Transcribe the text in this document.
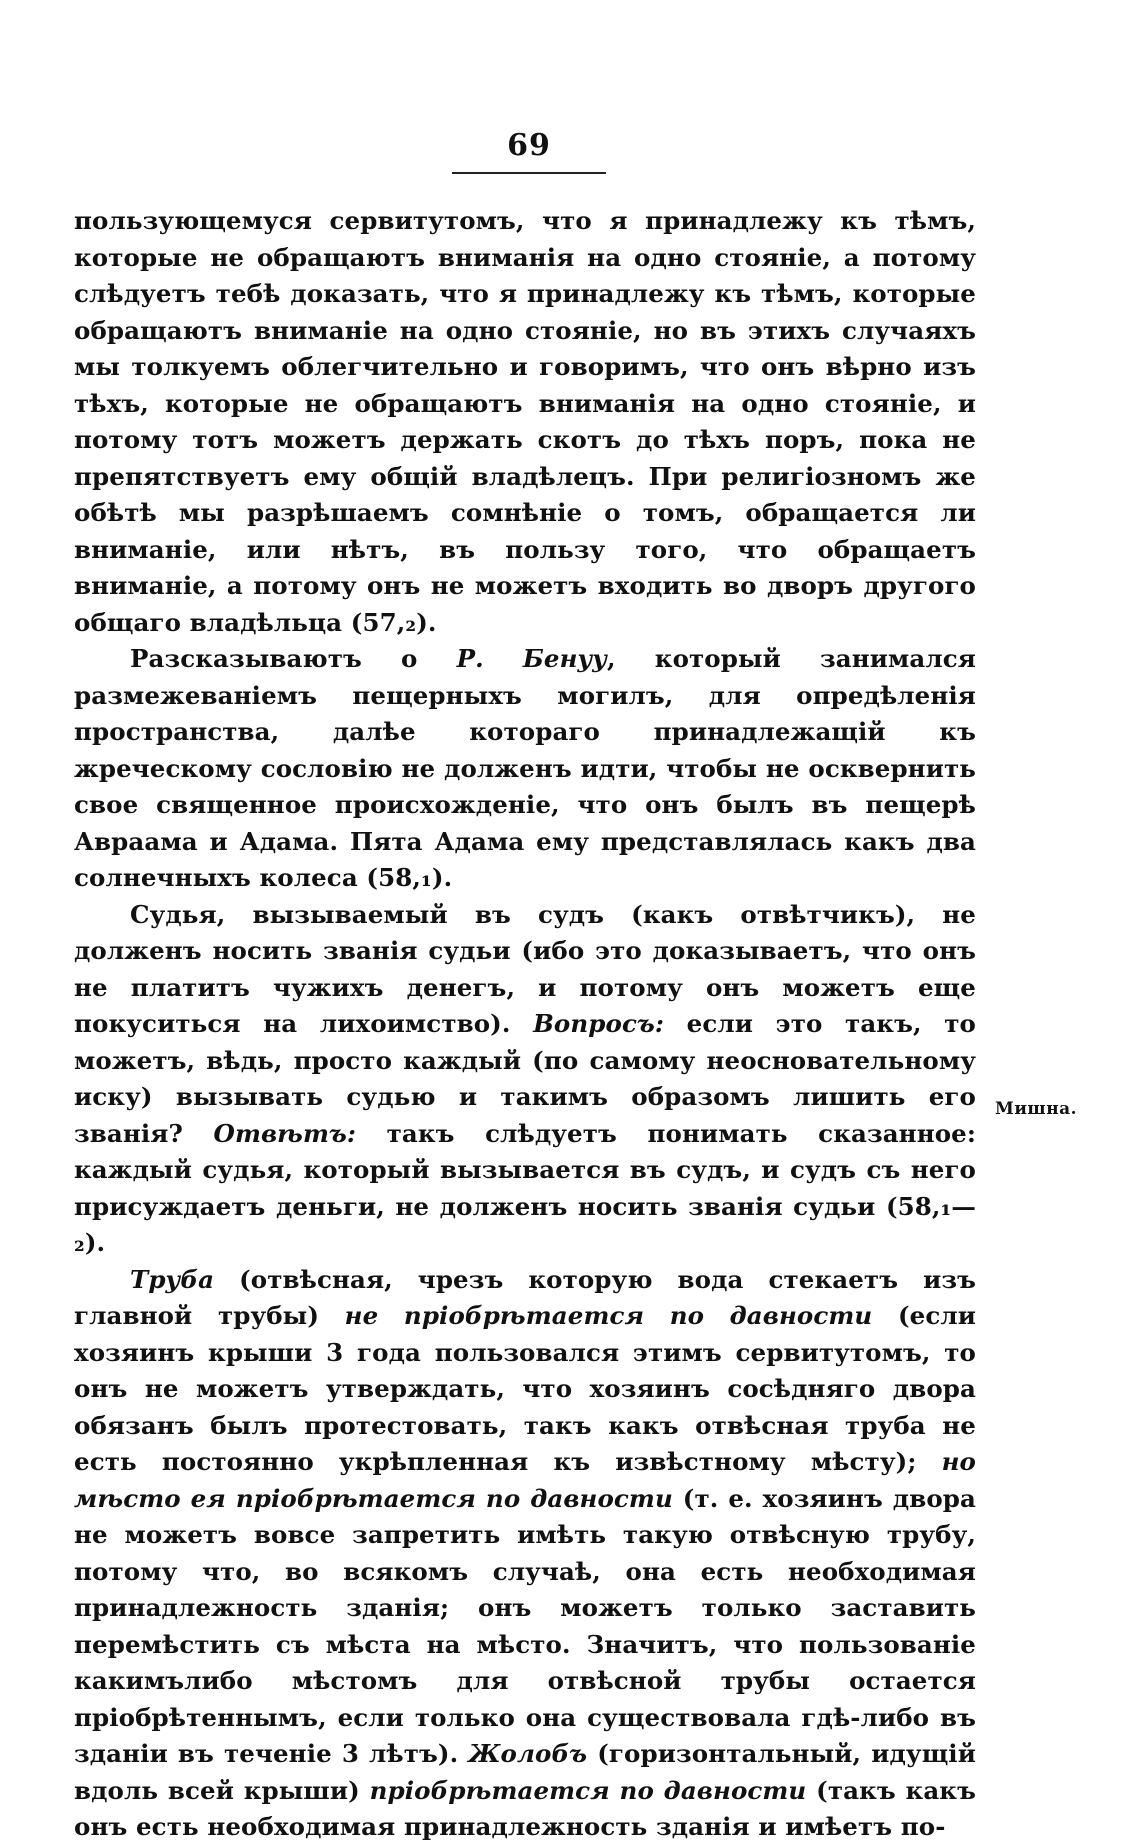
69

пользующемуся сервитутомъ, что я принадлежу къ тѣмъ, которые не обращаютъ вниманія на одно стояніе, а потому слѣдуетъ тебѣ доказать, что я принадлежу къ тѣмъ, которые обращаютъ вниманіе на одно стояніе, но въ этихъ случаяхъ мы толкуемъ облегчительно и говоримъ, что онъ вѣрно изъ тѣхъ, которые не обращаютъ вниманія на одно стояніе, и потому тотъ можетъ держать скотъ до тѣхъ поръ, пока не препятствуетъ ему общій владѣлецъ. При религіозномъ же обѣтѣ мы разрѣшаемъ сомнѣніе о томъ, обращается ли вниманіе, или нѣтъ, въ пользу того, что обращаетъ вниманіе, а потому онъ не можетъ входить во дворъ другого общаго владѣльца (57,₂).

Разсказываютъ о Р. Бенуу, который занимался размежеваніемъ пещерныхъ могилъ, для опредѣленія пространства, далѣе котораго принадлежащій къ жреческому сословію не долженъ идти, чтобы не осквернить свое священное происхожденіе, что онъ былъ въ пещерѣ Авраама и Адама. Пята Адама ему представлялась какъ два солнечныхъ колеса (58,₁).

Судья, вызываемый въ судъ (какъ отвѣтчикъ), не долженъ носить званія судьи (ибо это доказываетъ, что онъ не платитъ чужихъ денегъ, и потому онъ можетъ еще покуситься на лихоимство). Вопросъ: если это такъ, то можетъ, вѣдь, просто каждый (по самому неосновательному иску) вызывать судью и такимъ образомъ лишить его званія? Отвѣтъ: такъ слѣдуетъ понимать сказанное: каждый судья, который вызывается въ судъ, и судъ съ него присуждаетъ деньги, не долженъ носить званія судьи (58,₁—₂).

Труба (отвѣсная, чрезъ которую вода стекаетъ изъ главной трубы) не пріобрѣтается по давности (если хозяинъ крыши 3 года пользовался этимъ сервитутомъ, то онъ не можетъ утверждать, что хозяинъ сосѣдняго двора обязанъ былъ протестовать, такъ какъ отвѣсная труба не есть постоянно укрѣпленная къ извѣстному мѣсту); но мѣсто ея пріобрѣтается по давности (т. е. хозяинъ двора не можетъ вовсе запретить имѣть такую отвѣсную трубу, потому что, во всякомъ случаѣ, она есть необходимая принадлежность зданія; онъ можетъ только заставить перемѣстить съ мѣста на мѣсто. Значитъ, что пользованіе какимълибо мѣстомъ для отвѣсной трубы остается пріобрѣтеннымъ, если только она существовала гдѣ-либо въ зданіи въ теченіе 3 лѣтъ). Жолобъ (горизонтальный, идущій вдоль всей крыши) пріобрѣтается по давности (такъ какъ онъ есть необходимая принадлежность зданія и имѣетъ по-

Мишна.
